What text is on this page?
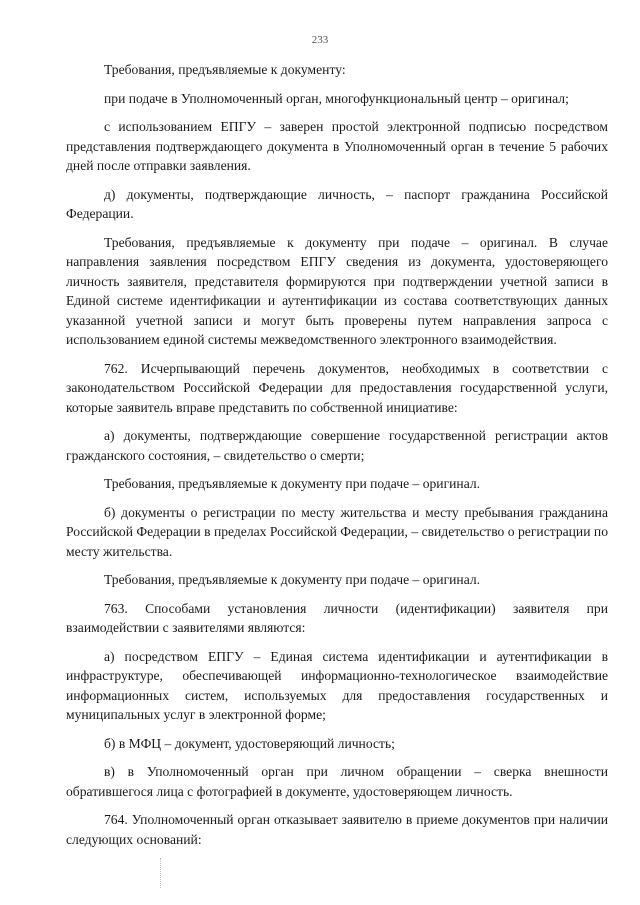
233

Требования, предъявляемые к документу:

при подаче в Уполномоченный орган, многофункциональный центр – оригинал;

с использованием ЕПГУ – заверен простой электронной подписью посредством представления подтверждающего документа в Уполномоченный орган в течение 5 рабочих дней после отправки заявления.

д) документы, подтверждающие личность, – паспорт гражданина Российской Федерации.

Требования, предъявляемые к документу при подаче – оригинал. В случае направления заявления посредством ЕПГУ сведения из документа, удостоверяющего личность заявителя, представителя формируются при подтверждении учетной записи в Единой системе идентификации и аутентификации из состава соответствующих данных указанной учетной записи и могут быть проверены путем направления запроса с использованием единой системы межведомственного электронного взаимодействия.

762. Исчерпывающий перечень документов, необходимых в соответствии с законодательством Российской Федерации для предоставления государственной услуги, которые заявитель вправе представить по собственной инициативе:

а) документы, подтверждающие совершение государственной регистрации актов гражданского состояния, – свидетельство о смерти;

Требования, предъявляемые к документу при подаче – оригинал.

б) документы о регистрации по месту жительства и месту пребывания гражданина Российской Федерации в пределах Российской Федерации, – свидетельство о регистрации по месту жительства.

Требования, предъявляемые к документу при подаче – оригинал.

763. Способами установления личности (идентификации) заявителя при взаимодействии с заявителями являются:

а) посредством ЕПГУ – Единая система идентификации и аутентификации в инфраструктуре, обеспечивающей информационно-технологическое взаимодействие информационных систем, используемых для предоставления государственных и муниципальных услуг в электронной форме;

б) в МФЦ – документ, удостоверяющий личность;

в) в Уполномоченный орган при личном обращении – сверка внешности обратившегося лица с фотографией в документе, удостоверяющем личность.

764. Уполномоченный орган отказывает заявителю в приеме документов при наличии следующих оснований:
